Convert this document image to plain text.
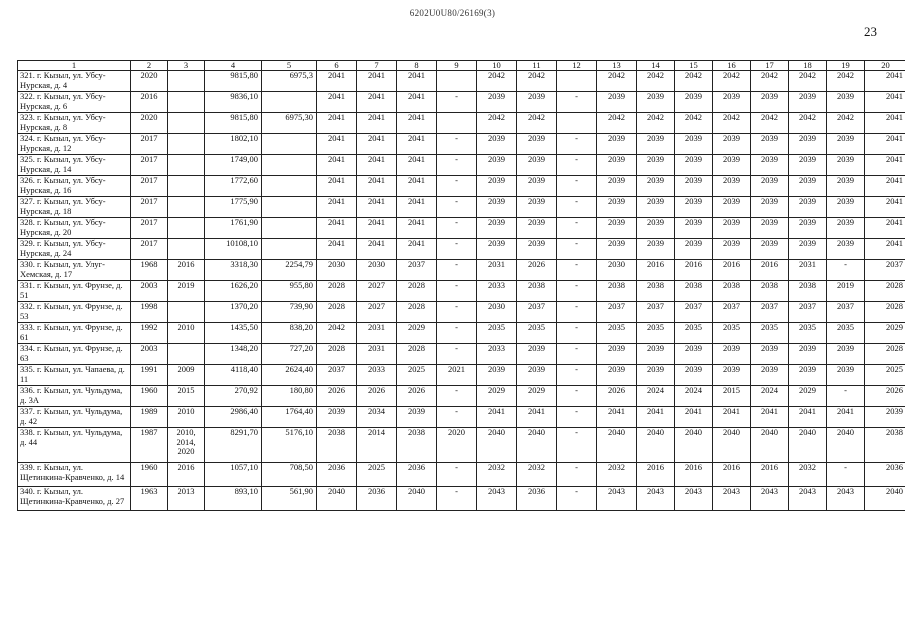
6202U0U80/26169(3)
23
1	2	3	4	5	6	7	8	9	10	11	12	13	14	15	16	17	18	19	20
321. г. Кызыл, ул. Убсу-Нурская, д. 4	2020		9815,80	6975,3	2041	2041	2041		2042	2042		2042	2042	2042	2042	2042	2042	2042	2041
322. г. Кызыл, ул. Убсу-Нурская, д. 6	2016		9836,10		2041	2041	2041	-	2039	2039	-	2039	2039	2039	2039	2039	2039	2039	2041
323. г. Кызыл, ул. Убсу-Нурская, д. 8	2020		9815,80	6975,30	2041	2041	2041		2042	2042		2042	2042	2042	2042	2042	2042	2042	2041
324. г. Кызыл, ул. Убсу-Нурская, д. 12	2017		1802,10		2041	2041	2041	-	2039	2039	-	2039	2039	2039	2039	2039	2039	2039	2041
325. г. Кызыл, ул. Убсу-Нурская, д. 14	2017		1749,00		2041	2041	2041	-	2039	2039	-	2039	2039	2039	2039	2039	2039	2039	2041
326. г. Кызыл, ул. Убсу-Нурская, д. 16	2017		1772,60		2041	2041	2041	-	2039	2039	-	2039	2039	2039	2039	2039	2039	2039	2041
327. г. Кызыл, ул. Убсу-Нурская, д. 18	2017		1775,90		2041	2041	2041	-	2039	2039	-	2039	2039	2039	2039	2039	2039	2039	2041
328. г. Кызыл, ул. Убсу-Нурская, д. 20	2017		1761,90		2041	2041	2041	-	2039	2039	-	2039	2039	2039	2039	2039	2039	2039	2041
329. г. Кызыл, ул. Убсу-Нурская, д. 24	2017		10108,10		2041	2041	2041	-	2039	2039	-	2039	2039	2039	2039	2039	2039	2039	2041
330. г. Кызыл, ул. Улуг-Хемская, д. 17	1968	2016	3318,30	2254,79	2030	2030	2037	-	2031	2026	-	2030	2016	2016	2016	2016	2031	-	2037
331. г. Кызыл, ул. Фрунзе, д. 51	2003	2019	1626,20	955,80	2028	2027	2028	-	2033	2038	-	2038	2038	2038	2038	2038	2038	2019	2028
332. г. Кызыл, ул. Фрунзе, д. 53	1998		1370,20	739,90	2028	2027	2028	-	2030	2037	-	2037	2037	2037	2037	2037	2037	2037	2028
333. г. Кызыл, ул. Фрунзе, д. 61	1992	2010	1435,50	838,20	2042	2031	2029	-	2035	2035	-	2035	2035	2035	2035	2035	2035	2035	2029
334. г. Кызыл, ул. Фрунзе, д. 63	2003		1348,20	727,20	2028	2031	2028	-	2033	2039	-	2039	2039	2039	2039	2039	2039	2039	2028
335. г. Кызыл, ул. Чапаева, д. 11	1991	2009	4118,40	2624,40	2037	2033	2025	2021	2039	2039	-	2039	2039	2039	2039	2039	2039	2039	2025
336. г. Кызыл, ул. Чульдума, д. 3А	1960	2015	270,92	180,80	2026	2026	2026	-	2029	2029	-	2026	2024	2024	2015	2024	2029	-	2026
337. г. Кызыл, ул. Чульдума, д. 42	1989	2010	2986,40	1764,40	2039	2034	2039	-	2041	2041	-	2041	2041	2041	2041	2041	2041	2041	2039
338. г. Кызыл, ул. Чульдума, д. 44	1987	2010, 2014, 2020	8291,70	5176,10	2038	2014	2038	2020	2040	2040	-	2040	2040	2040	2040	2040	2040	2040	2038
339. г. Кызыл, ул. Щетинкина-Кравченко, д. 14	1960	2016	1057,10	708,50	2036	2025	2036	-	2032	2032	-	2032	2016	2016	2016	2016	2032	-	2036
340. г. Кызыл, ул. Щетинкина-Кравченко, д. 27	1963	2013	893,10	561,90	2040	2036	2040	-	2043	2036	-	2043	2043	2043	2043	2043	2043	2043	2040
